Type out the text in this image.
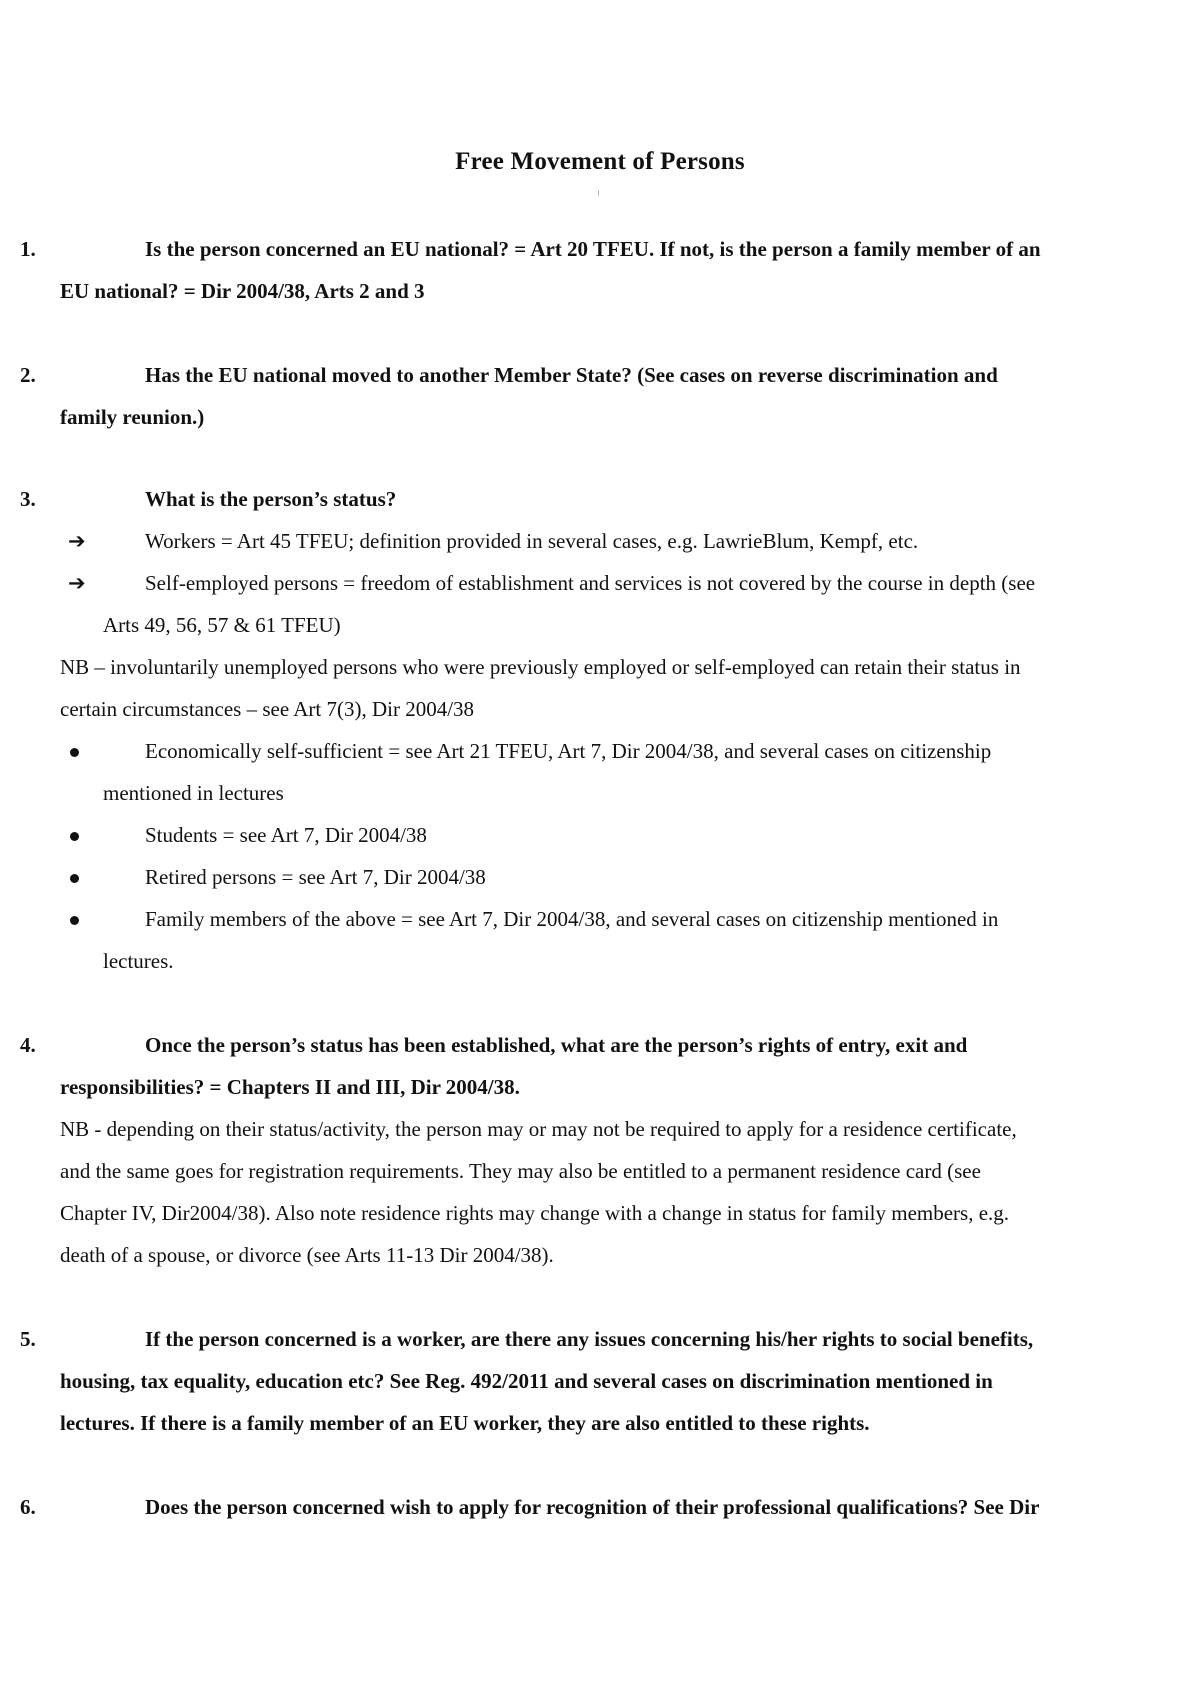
Free Movement of Persons
1.	Is the person concerned an EU national? = Art 20 TFEU. If not, is the person a family member of an
EU national? = Dir 2004/38, Arts 2 and 3
2.	Has the EU national moved to another Member State? (See cases on reverse discrimination and
family reunion.)
3.	What is the person’s status?
➔	Workers = Art 45 TFEU; definition provided in several cases, e.g. LawrieBlum, Kempf, etc.
➔	Self-employed persons = freedom of establishment and services is not covered by the course in depth (see
Arts 49, 56, 57 & 61 TFEU)
NB – involuntarily unemployed persons who were previously employed or self-employed can retain their status in
certain circumstances – see Art 7(3), Dir 2004/38
Economically self-sufficient = see Art 21 TFEU, Art 7, Dir 2004/38, and several cases on citizenship
mentioned in lectures
Students = see Art 7, Dir 2004/38
Retired persons = see Art 7, Dir 2004/38
Family members of the above = see Art 7, Dir 2004/38, and several cases on citizenship mentioned in
lectures.
4.	Once the person’s status has been established, what are the person’s rights of entry, exit and
responsibilities? = Chapters II and III, Dir 2004/38.
NB - depending on their status/activity, the person may or may not be required to apply for a residence certificate,
and the same goes for registration requirements. They may also be entitled to a permanent residence card (see
Chapter IV, Dir2004/38). Also note residence rights may change with a change in status for family members, e.g.
death of a spouse, or divorce (see Arts 11-13 Dir 2004/38).
5.	If the person concerned is a worker, are there any issues concerning his/her rights to social benefits,
housing, tax equality, education etc? See Reg. 492/2011 and several cases on discrimination mentioned in
lectures. If there is a family member of an EU worker, they are also entitled to these rights.
6.	Does the person concerned wish to apply for recognition of their professional qualifications? See Dir
